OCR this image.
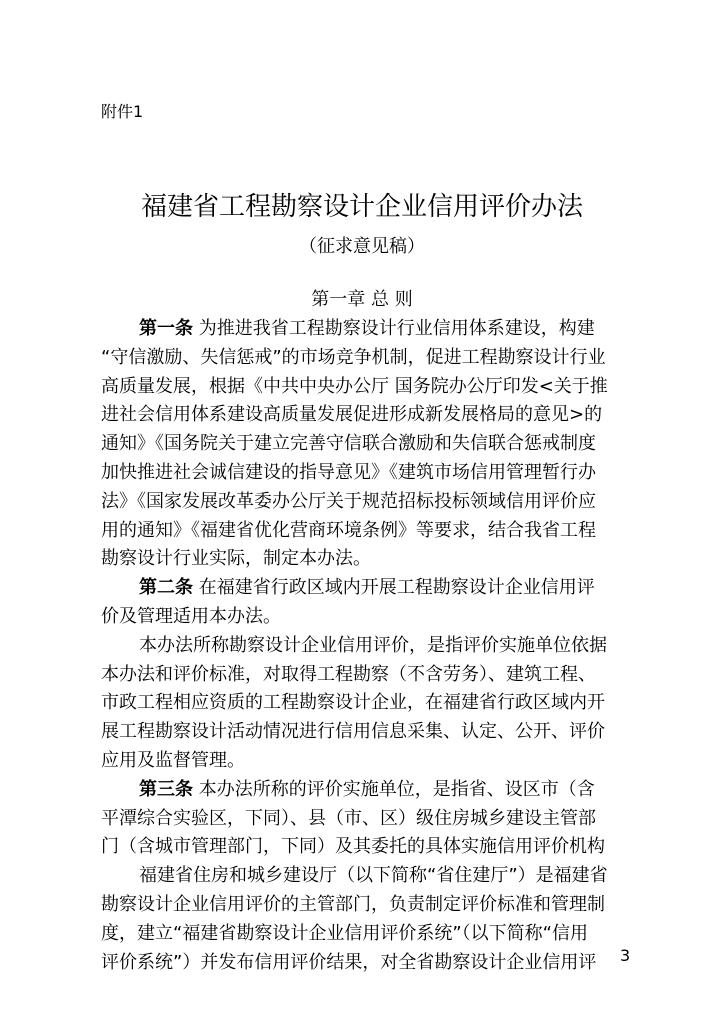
附件1

福建省工程勘察设计企业信用评价办法

（征求意见稿）

第一章 总 则

第一条 为推进我省工程勘察设计行业信用体系建设，构建
“守信激励、失信惩戒”的市场竞争机制，促进工程勘察设计行业
高质量发展，根据《中共中央办公厅 国务院办公厅印发<关于推
进社会信用体系建设高质量发展促进形成新发展格局的意见>的
通知》《国务院关于建立完善守信联合激励和失信联合惩戒制度
加快推进社会诚信建设的指导意见》《建筑市场信用管理暂行办
法》《国家发展改革委办公厅关于规范招标投标领域信用评价应
用的通知》《福建省优化营商环境条例》等要求，结合我省工程
勘察设计行业实际，制定本办法。
第二条 在福建省行政区域内开展工程勘察设计企业信用评
价及管理适用本办法。
本办法所称勘察设计企业信用评价，是指评价实施单位依据
本办法和评价标准，对取得工程勘察（不含劳务）、建筑工程、
市政工程相应资质的工程勘察设计企业，在福建省行政区域内开
展工程勘察设计活动情况进行信用信息采集、认定、公开、评价
应用及监督管理。
第三条 本办法所称的评价实施单位，是指省、设区市（含
平潭综合实验区，下同）、县（市、区）级住房城乡建设主管部
门（含城市管理部门，下同）及其委托的具体实施信用评价机构
福建省住房和城乡建设厅（以下简称“省住建厅”）是福建省
勘察设计企业信用评价的主管部门，负责制定评价标准和管理制
度，建立“福建省勘察设计企业信用评价系统”（以下简称“信用
评价系统”）并发布信用评价结果，对全省勘察设计企业信用评	3
